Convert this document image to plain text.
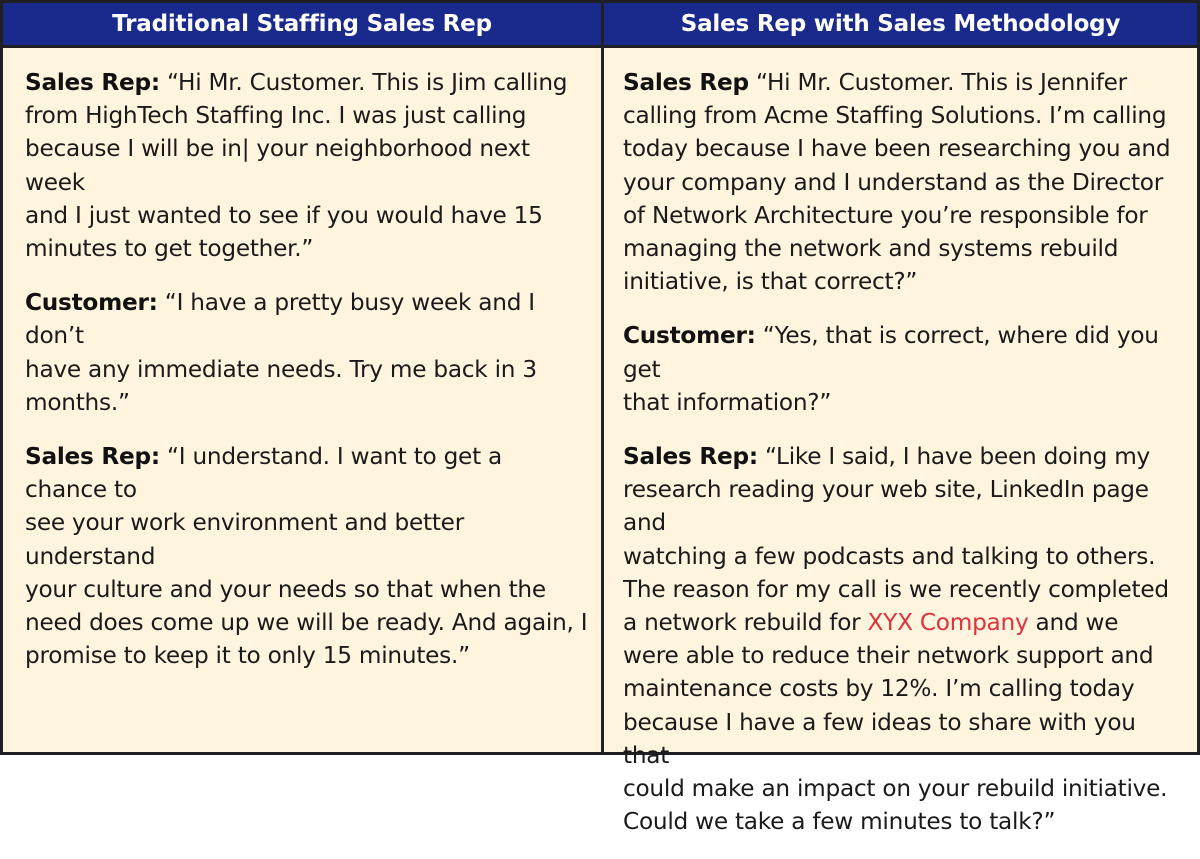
Traditional Staffing Sales Rep	Sales Rep with Sales Methodology
Sales Rep: “Hi Mr. Customer. This is Jim calling
from HighTech Staffing Inc. I was just calling
because I will be in| your neighborhood next week
and I just wanted to see if you would have 15
minutes to get together.”
Customer: “I have a pretty busy week and I don’t
have any immediate needs. Try me back in 3
months.”
Sales Rep: “I understand. I want to get a chance to
see your work environment and better understand
your culture and your needs so that when the
need does come up we will be ready. And again, I
promise to keep it to only 15 minutes.”
Sales Rep “Hi Mr. Customer. This is Jennifer
calling from Acme Staffing Solutions. I’m calling
today because I have been researching you and
your company and I understand as the Director
of Network Architecture you’re responsible for
managing the network and systems rebuild
initiative, is that correct?”
Customer: “Yes, that is correct, where did you get
that information?”
Sales Rep: “Like I said, I have been doing my
research reading your web site, LinkedIn page and
watching a few podcasts and talking to others.
The reason for my call is we recently completed
a network rebuild for XYX Company and we
were able to reduce their network support and
maintenance costs by 12%. I’m calling today
because I have a few ideas to share with you that
could make an impact on your rebuild initiative.
Could we take a few minutes to talk?”
